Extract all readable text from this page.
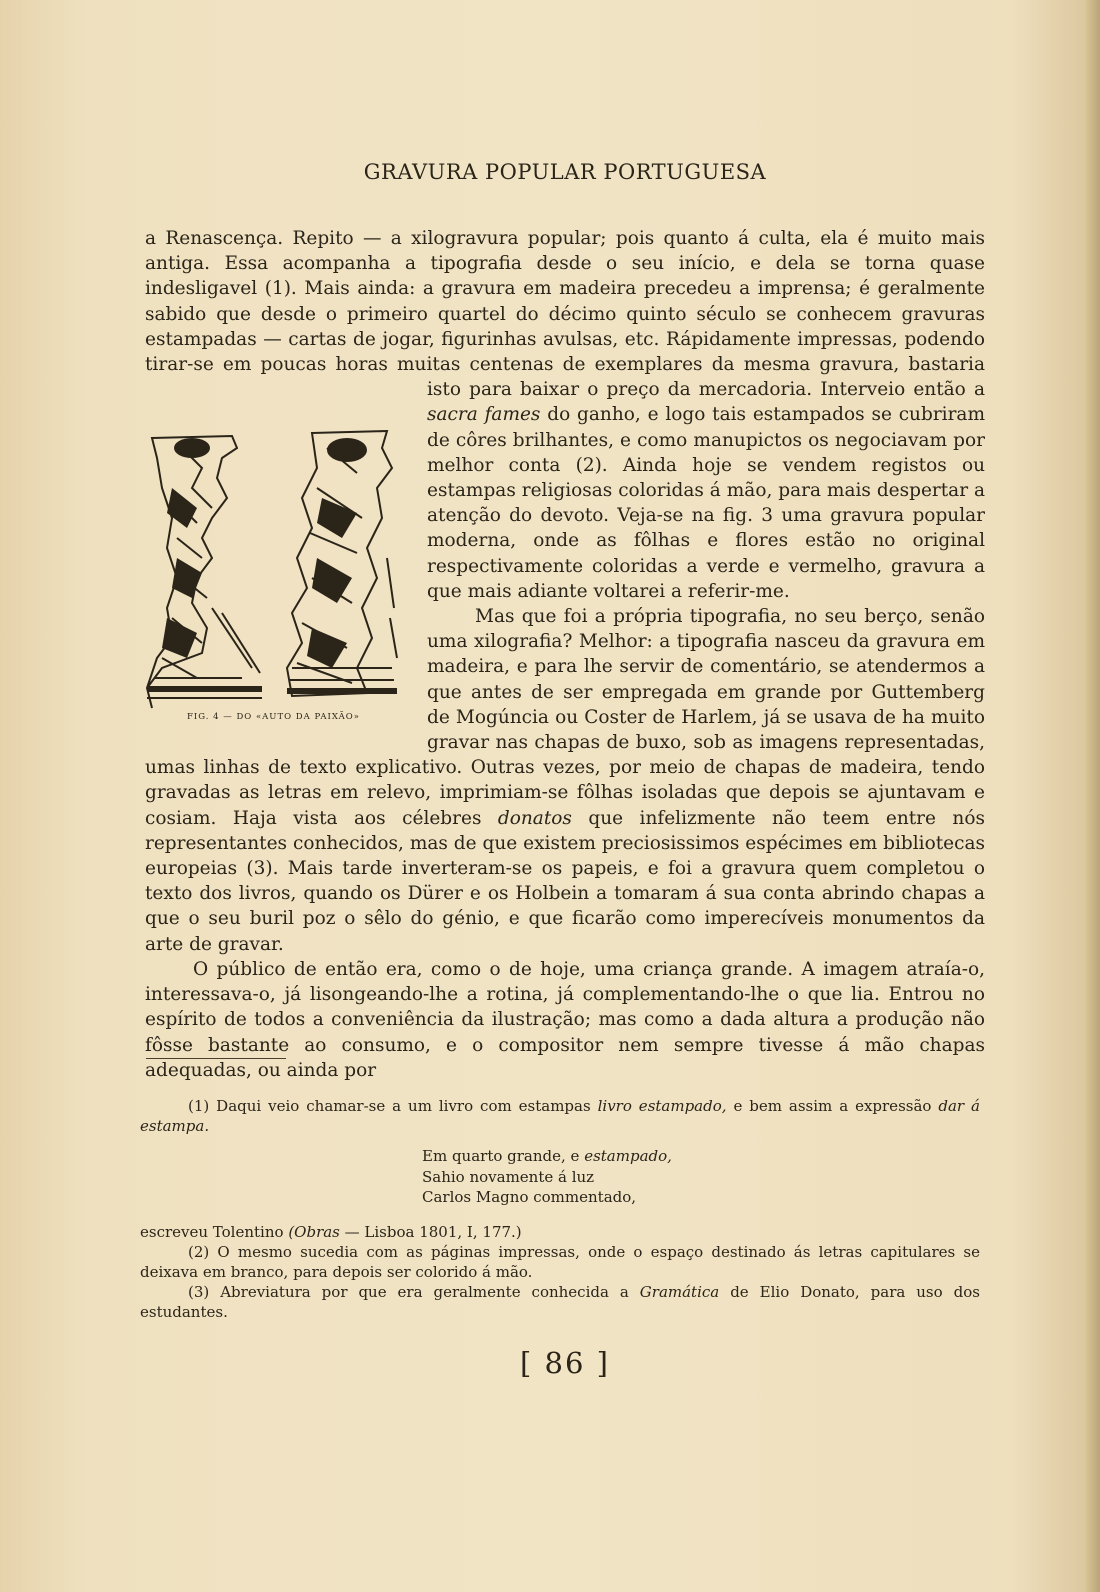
GRAVURA POPULAR PORTUGUESA
FIG. 4 — DO «AUTO DA PAIXÃO»

a Renascença. Repito — a xilogravura popular; pois quanto á culta, ela é muito mais antiga. Essa acompanha a tipografia desde o seu início, e dela se torna quase indesligavel (1). Mais ainda: a gravura em madeira precedeu a imprensa; é geralmente sabido que desde o primeiro quartel do décimo quinto século se conhecem gravuras estampadas — cartas de jogar, figurinhas avulsas, etc. Rápidamente impressas, podendo tirar-se em poucas horas muitas centenas de exemplares da mesma gravura, bastaria isto para baixar o preço da mercadoria. Interveio então a sacra fames do ganho, e logo tais estampados se cubriram de côres brilhantes, e como manupictos os negociavam por melhor conta (2). Ainda hoje se vendem registos ou estampas religiosas coloridas á mão, para mais despertar a atenção do devoto. Veja-se na fig. 3 uma gravura popular moderna, onde as fôlhas e flores estão no original respectivamente coloridas a verde e vermelho, gravura a que mais adiante voltarei a referir-me.

Mas que foi a própria tipografia, no seu berço, senão uma xilografia? Melhor: a tipografia nasceu da gravura em madeira, e para lhe servir de comentário, se atendermos a que antes de ser empregada em grande por Guttemberg de Mogúncia ou Coster de Harlem, já se usava de ha muito gravar nas chapas de buxo, sob as imagens representadas, umas linhas de texto explicativo. Outras vezes, por meio de chapas de madeira, tendo gravadas as letras em relevo, imprimiam-se fôlhas isoladas que depois se ajuntavam e cosiam. Haja vista aos célebres donatos que infelizmente não teem entre nós representantes conhecidos, mas de que existem preciosissimos espécimes em bibliotecas europeias (3). Mais tarde inverteram-se os papeis, e foi a gravura quem completou o texto dos livros, quando os Dürer e os Holbein a tomaram á sua conta abrindo chapas a que o seu buril poz o sêlo do génio, e que ficarão como imperecíveis monumentos da arte de gravar.

O público de então era, como o de hoje, uma criança grande. A imagem atraía-o, interessava-o, já lisongeando-lhe a rotina, já complementando-lhe o que lia. Entrou no espírito de todos a conveniência da ilustração; mas como a dada altura a produção não fôsse bastante ao consumo, e o compositor nem sempre tivesse á mão chapas adequadas, ou ainda por

(1) Daqui veio chamar-se a um livro com estampas livro estampado, e bem assim a expressão dar á estampa.

Em quarto grande, e estampado,
Sahio novamente á luz
Carlos Magno commentado,

escreveu Tolentino (Obras — Lisboa 1801, I, 177.)

(2) O mesmo sucedia com as páginas impressas, onde o espaço destinado ás letras capitulares se deixava em branco, para depois ser colorido á mão.

(3) Abreviatura por que era geralmente conhecida a Gramática de Elio Donato, para uso dos estudantes.

[ 86 ]
